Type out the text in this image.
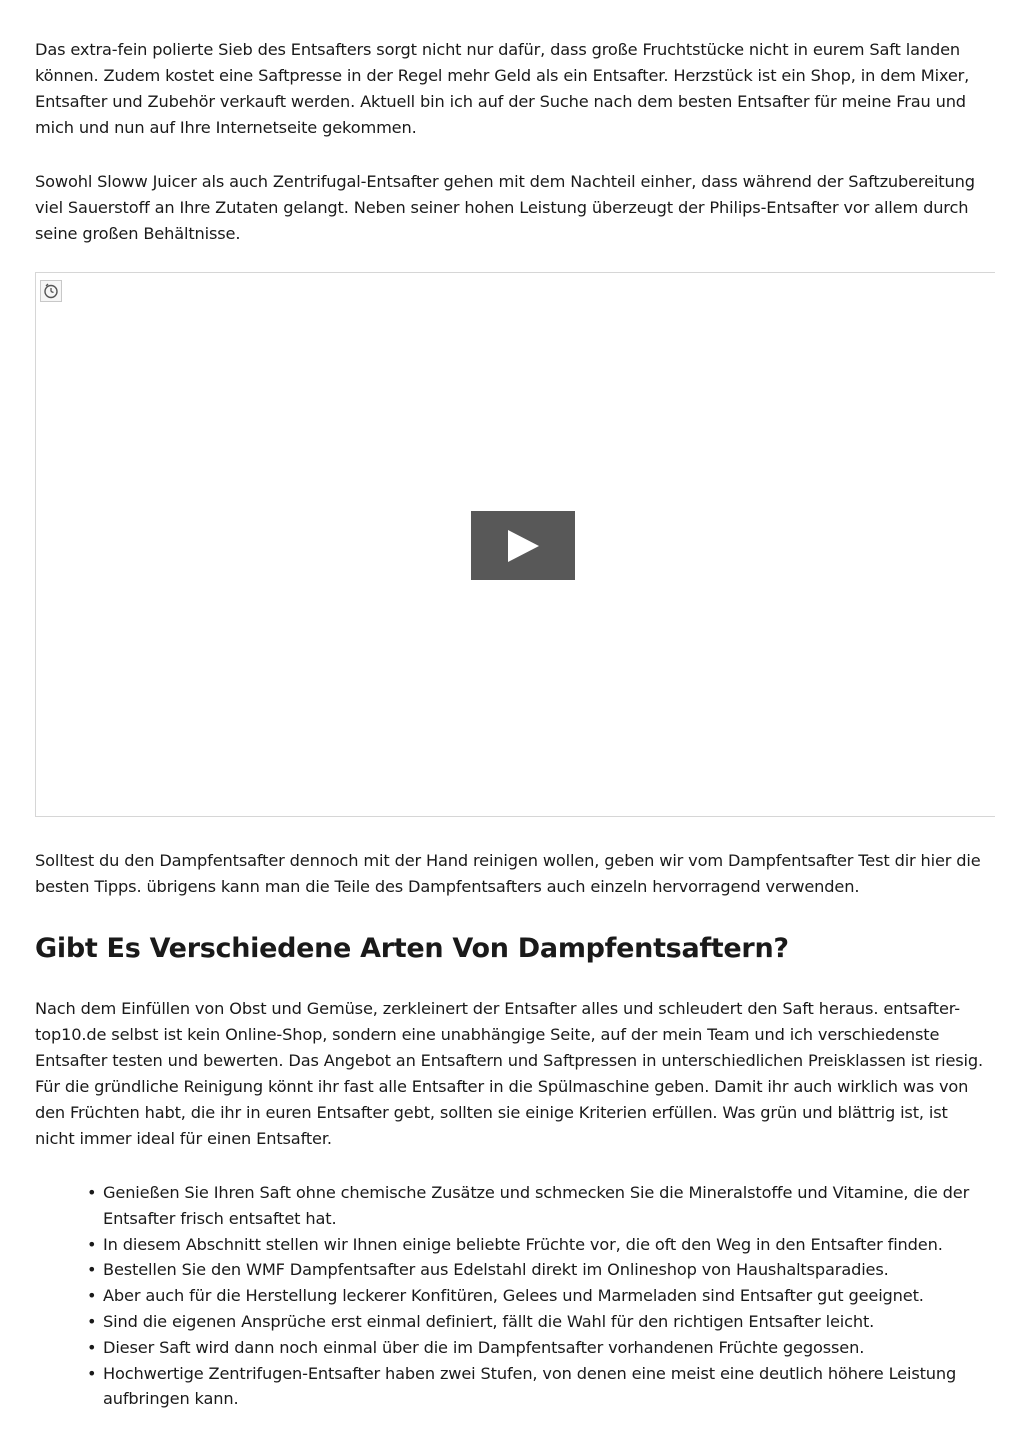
Das extra-fein polierte Sieb des Entsafters sorgt nicht nur dafür, dass große Fruchtstücke nicht in eurem Saft landen können. Zudem kostet eine Saftpresse in der Regel mehr Geld als ein Entsafter. Herzstück ist ein Shop, in dem Mixer, Entsafter und Zubehör verkauft werden. Aktuell bin ich auf der Suche nach dem besten Entsafter für meine Frau und mich und nun auf Ihre Internetseite gekommen.

Sowohl Sloww Juicer als auch Zentrifugal-Entsafter gehen mit dem Nachteil einher, dass während der Saftzubereitung viel Sauerstoff an Ihre Zutaten gelangt. Neben seiner hohen Leistung überzeugt der Philips-Entsafter vor allem durch seine großen Behältnisse.

Solltest du den Dampfentsafter dennoch mit der Hand reinigen wollen, geben wir vom Dampfentsafter Test dir hier die besten Tipps. übrigens kann man die Teile des Dampfentsafters auch einzeln hervorragend verwenden.

Gibt Es Verschiedene Arten Von Dampfentsaftern?

Nach dem Einfüllen von Obst und Gemüse, zerkleinert der Entsafter alles und schleudert den Saft heraus. entsafter-top10.de selbst ist kein Online-Shop, sondern eine unabhängige Seite, auf der mein Team und ich verschiedenste Entsafter testen und bewerten. Das Angebot an Entsaftern und Saftpressen in unterschiedlichen Preisklassen ist riesig. Für die gründliche Reinigung könnt ihr fast alle Entsafter in die Spülmaschine geben. Damit ihr auch wirklich was von den Früchten habt, die ihr in euren Entsafter gebt, sollten sie einige Kriterien erfüllen. Was grün und blättrig ist, ist nicht immer ideal für einen Entsafter.

• Genießen Sie Ihren Saft ohne chemische Zusätze und schmecken Sie die Mineralstoffe und Vitamine, die der Entsafter frisch entsaftet hat.
• In diesem Abschnitt stellen wir Ihnen einige beliebte Früchte vor, die oft den Weg in den Entsafter finden.
• Bestellen Sie den WMF Dampfentsafter aus Edelstahl direkt im Onlineshop von Haushaltsparadies.
• Aber auch für die Herstellung leckerer Konfitüren, Gelees und Marmeladen sind Entsafter gut geeignet.
• Sind die eigenen Ansprüche erst einmal definiert, fällt die Wahl für den richtigen Entsafter leicht.
• Dieser Saft wird dann noch einmal über die im Dampfentsafter vorhandenen Früchte gegossen.
• Hochwertige Zentrifugen-Entsafter haben zwei Stufen, von denen eine meist eine deutlich höhere Leistung aufbringen kann.
